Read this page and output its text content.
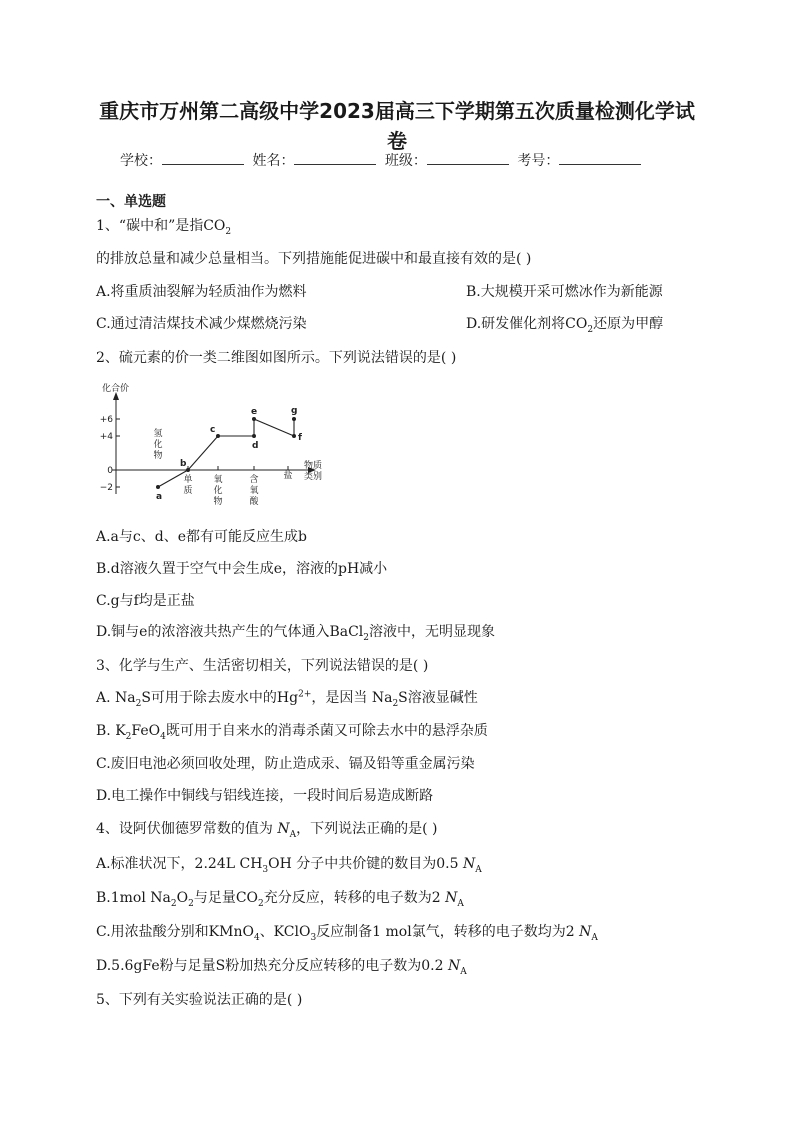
重庆市万州第二高级中学2023届高三下学期第五次质量检测化学试
卷
学校：	姓名：	班级：	考号：
一、单选题
1、“碳中和”是指$CO_2$
的排放总量和减少总量相当。下列措施能促进碳中和最直接有效的是( )
A.将重质油裂解为轻质油作为燃料	B.大规模开采可燃冰作为新能源
C.通过清洁煤技术减少煤燃烧污染	D.研发催化剂将$CO_2$还原为甲醇
2、硫元素的价一类二维图如图所示。下列说法错误的是( )
化合价
+6
+4
0
−2
氢
化
物
单
质
氧
化
物
含
氧
酸
盐
物质类别
a
b
c
d
e
f
g
A.a与c、d、e都有可能反应生成b
B.d溶液久置于空气中会生成e，溶液的pH减小
C.g与f均是正盐
D.铜与e的浓溶液共热产生的气体通入BaCl$_2$溶液中，无明显现象
3、化学与生产、生活密切相关，下列说法错误的是( )
A. $Na_2S$可用于除去废水中的$Hg^{2+}$，是因当 $Na_2S$溶液显碱性
B. $K_2FeO_4$既可用于自来水的消毒杀菌又可除去水中的悬浮杂质
C.废旧电池必须回收处理，防止造成汞、镉及铅等重金属污染
D.电工操作中铜线与铝线连接，一段时间后易造成断路
4、设阿伏伽德罗常数的值为 $N_A$，下列说法正确的是( )
A.标准状况下，2.24L $CH_3OH$ 分子中共价键的数目为0.5 $N_A$
B.1mol $Na_2O_2$与足量$CO_2$充分反应，转移的电子数为2 $N_A$
C.用浓盐酸分别和KMnO$_4$、KClO$_3$反应制备1 mol氯气，转移的电子数均为2 $N_A$
D.5.6gFe粉与足量S粉加热充分反应转移的电子数为0.2 $N_A$
5、下列有关实验说法正确的是( )
